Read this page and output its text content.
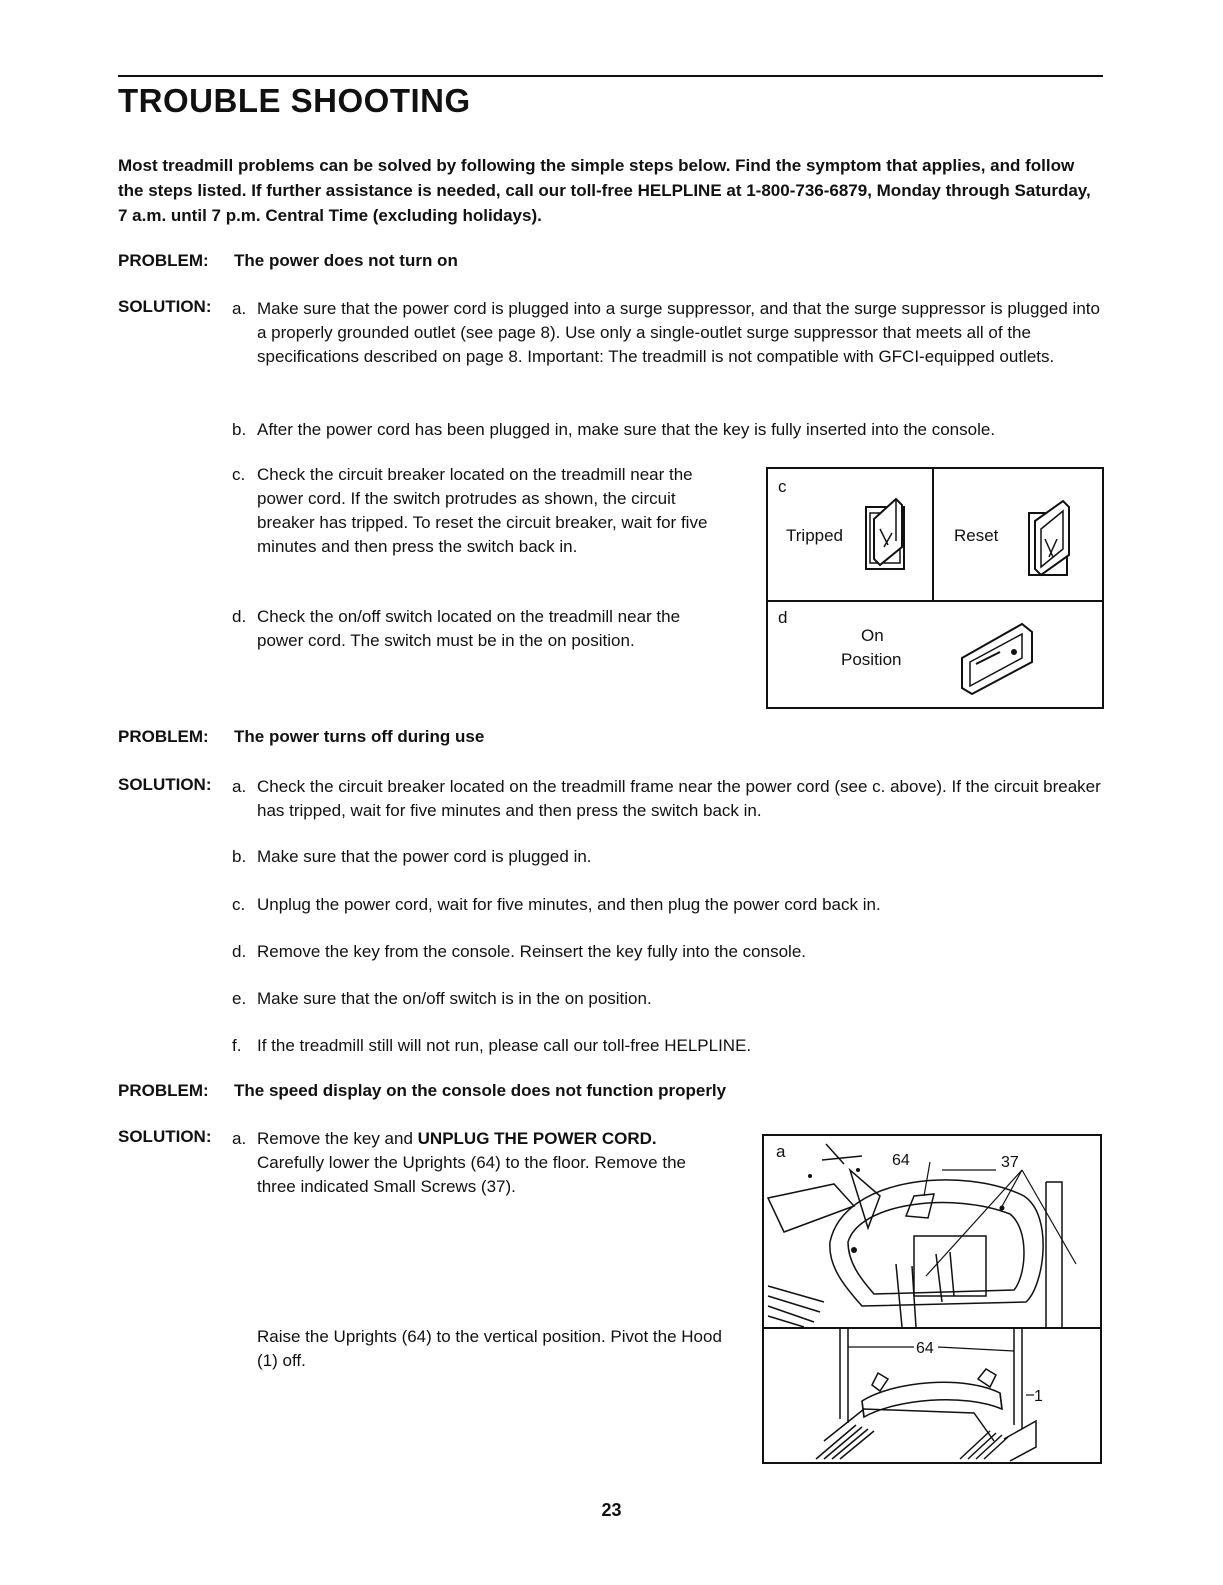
TROUBLE SHOOTING
Most treadmill problems can be solved by following the simple steps below. Find the symptom that applies, and follow the steps listed. If further assistance is needed, call our toll-free HELPLINE at 1-800-736-6879, Monday through Saturday, 7 a.m. until 7 p.m. Central Time (excluding holidays).
PROBLEM: The power does not turn on
SOLUTION: a. Make sure that the power cord is plugged into a surge suppressor, and that the surge suppressor is plugged into a properly grounded outlet (see page 8). Use only a single-outlet surge suppressor that meets all of the specifications described on page 8. Important: The treadmill is not compatible with GFCI-equipped outlets.
b. After the power cord has been plugged in, make sure that the key is fully inserted into the console.
c. Check the circuit breaker located on the treadmill near the power cord. If the switch protrudes as shown, the circuit breaker has tripped. To reset the circuit breaker, wait for five minutes and then press the switch back in.
d. Check the on/off switch located on the treadmill near the power cord. The switch must be in the on position.
c
Tripped	Reset
d
On
Position
PROBLEM: The power turns off during use
SOLUTION: a. Check the circuit breaker located on the treadmill frame near the power cord (see c. above). If the circuit breaker has tripped, wait for five minutes and then press the switch back in.
b. Make sure that the power cord is plugged in.
c. Unplug the power cord, wait for five minutes, and then plug the power cord back in.
d. Remove the key from the console. Reinsert the key fully into the console.
e. Make sure that the on/off switch is in the on position.
f. If the treadmill still will not run, please call our toll-free HELPLINE.
PROBLEM: The speed display on the console does not function properly
SOLUTION: a. Remove the key and UNPLUG THE POWER CORD. Carefully lower the Uprights (64) to the floor. Remove the three indicated Small Screws (37).
Raise the Uprights (64) to the vertical position. Pivot the Hood (1) off.
a	64	37
64
1
23
